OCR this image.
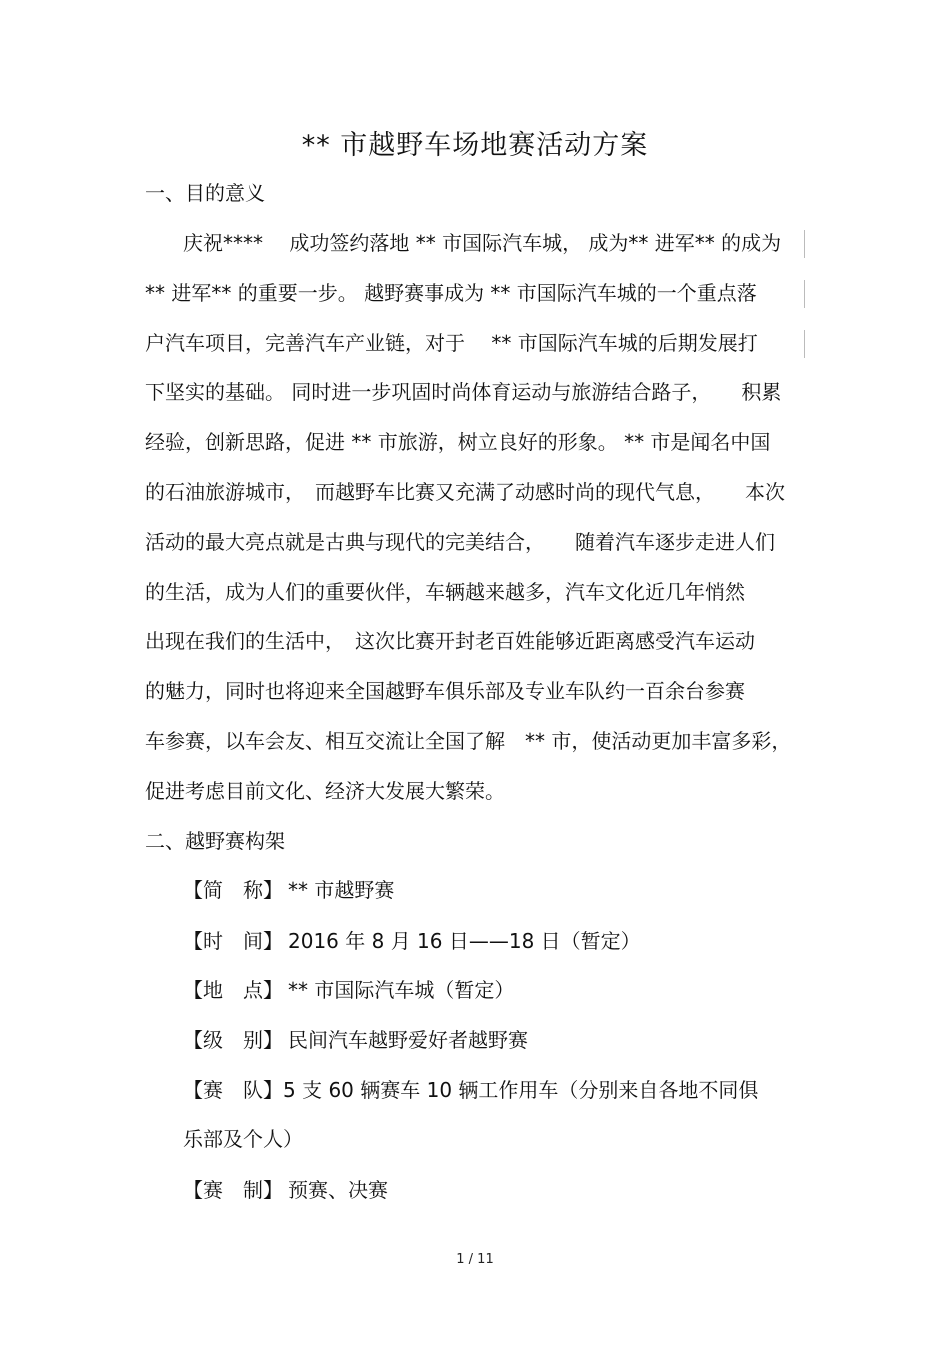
** 市越野车场地赛活动方案
一、目的意义
庆祝****　 成功签约落地 ** 市国际汽车城， 成为** 进军** 的成为
** 进军** 的重要一步。 越野赛事成为 ** 市国际汽车城的一个重点落
户汽车项目，完善汽车产业链，对于　 ** 市国际汽车城的后期发展打
下坚实的基础。 同时进一步巩固时尚体育运动与旅游结合路子，　　积累
经验，创新思路，促进 ** 市旅游，树立良好的形象。 ** 市是闻名中国
的石油旅游城市，　而越野车比赛又充满了动感时尚的现代气息，　　本次
活动的最大亮点就是古典与现代的完美结合，　　随着汽车逐步走进人们
的生活，成为人们的重要伙伴，车辆越来越多，汽车文化近几年悄然
出现在我们的生活中，　这次比赛开封老百姓能够近距离感受汽车运动
的魅力，同时也将迎来全国越野车俱乐部及专业车队约一百余台参赛
车参赛，以车会友、相互交流让全国了解　** 市，使活动更加丰富多彩，
促进考虑目前文化、经济大发展大繁荣。
二、越野赛构架
【简　称】 ** 市越野赛
【时　间】 2016 年 8 月 16 日——18 日（暂定）
【地　点】 ** 市国际汽车城（暂定）
【级　别】 民间汽车越野爱好者越野赛
【赛　队】5 支 60 辆赛车 10 辆工作用车（分别来自各地不同俱
乐部及个人）
【赛　制】 预赛、决赛
1 / 11
